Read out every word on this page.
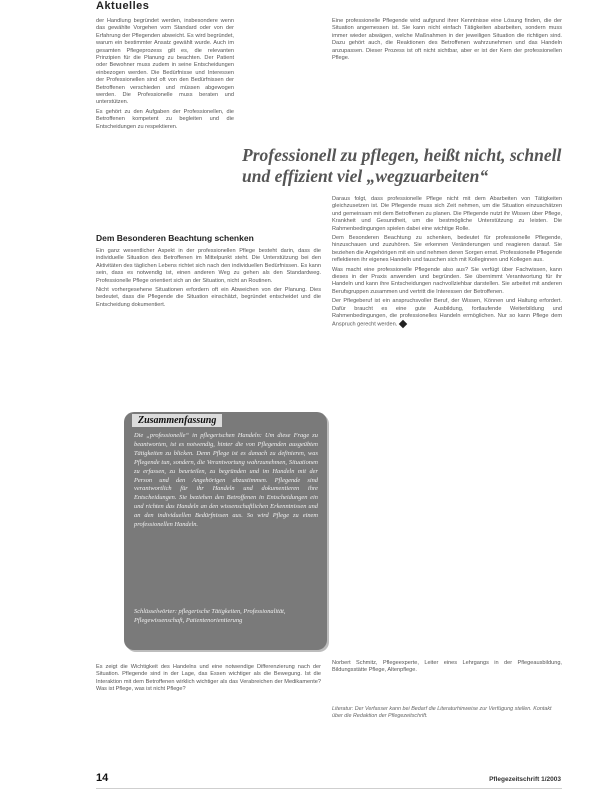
Aktuelles

der Handlung begründet werden, insbesondere wenn das gewählte Vorgehen vom Standard oder von der Erfahrung der Pflegenden abweicht. Es wird begründet, warum ein bestimmter Ansatz gewählt wurde. Auch im gesamten Pflegeprozess gilt es, die relevanten Prinzipien für die Planung zu beachten. Der Patient oder Bewohner muss zudem in seine Entscheidungen einbezogen werden. Die Bedürfnisse und Interessen der Professionellen sind oft von den Bedürfnissen der Betroffenen verschieden und müssen abgewogen werden. Die Professionelle muss beraten und unterstützen.

Es gehört zu den Aufgaben der Professionellen, die Betroffenen kompetent zu begleiten und die Entscheidungen zu respektieren.

Eine professionelle Pflegende wird aufgrund ihrer Kenntnisse eine Lösung finden, die der Situation angemessen ist. Sie kann nicht einfach Tätigkeiten abarbeiten, sondern muss immer wieder abwägen, welche Maßnahmen in der jeweiligen Situation die richtigen sind. Dazu gehört auch, die Reaktionen des Betroffenen wahrzunehmen und das Handeln anzupassen. Dieser Prozess ist oft nicht sichtbar, aber er ist der Kern der professionellen Pflege.

Professionell zu pflegen, heißt nicht, schnell und effizient viel „wegzuarbeiten“
Dem Besonderen Beachtung schenken

Ein ganz wesentlicher Aspekt in der professionellen Pflege besteht darin, dass die individuelle Situation des Betroffenen im Mittelpunkt steht. Die Unterstützung bei den Aktivitäten des täglichen Lebens richtet sich nach den individuellen Bedürfnissen. Es kann sein, dass es notwendig ist, einen anderen Weg zu gehen als den Standardweg. Professionelle Pflege orientiert sich an der Situation, nicht an Routinen.

Nicht vorhergesehene Situationen erfordern oft ein Abweichen von der Planung. Dies bedeutet, dass die Pflegende die Situation einschätzt, begründet entscheidet und die Entscheidung dokumentiert.

Daraus folgt, dass professionelle Pflege nicht mit dem Abarbeiten von Tätigkeiten gleichzusetzen ist. Die Pflegende muss sich Zeit nehmen, um die Situation einzuschätzen und gemeinsam mit dem Betroffenen zu planen. Die Pflegende nutzt ihr Wissen über Pflege, Krankheit und Gesundheit, um die bestmögliche Unterstützung zu leisten. Die Rahmenbedingungen spielen dabei eine wichtige Rolle.

Dem Besonderen Beachtung zu schenken, bedeutet für professionelle Pflegende, hinzuschauen und zuzuhören. Sie erkennen Veränderungen und reagieren darauf. Sie beziehen die Angehörigen mit ein und nehmen deren Sorgen ernst. Professionelle Pflegende reflektieren ihr eigenes Handeln und tauschen sich mit Kolleginnen und Kollegen aus.

Was macht eine professionelle Pflegende also aus? Sie verfügt über Fachwissen, kann dieses in der Praxis anwenden und begründen. Sie übernimmt Verantwortung für ihr Handeln und kann ihre Entscheidungen nachvollziehbar darstellen. Sie arbeitet mit anderen Berufsgruppen zusammen und vertritt die Interessen der Betroffenen.

Der Pflegeberuf ist ein anspruchsvoller Beruf, der Wissen, Können und Haltung erfordert. Dafür braucht es eine gute Ausbildung, fortlaufende Weiterbildung und Rahmenbedingungen, die professionelles Handeln ermöglichen. Nur so kann Pflege dem Anspruch gerecht werden.

Zusammenfassung
Die „professionelle“ in pflegerischen Handeln: Um diese Frage zu beantworten, ist es notwendig, hinter die von Pflegenden ausgeübten Tätigkeiten zu blicken. Denn Pflege ist es danach zu definieren, was Pflegende tun, sondern, die Verantwortung wahrzunehmen, Situationen zu erfassen, zu beurteilen, zu begründen und im Handeln mit der Person und den Angehörigen abzustimmen. Pflegende sind verantwortlich für ihr Handeln und dokumentieren ihre Entscheidungen. Sie beziehen den Betroffenen in Entscheidungen ein und richten das Handeln an den wissenschaftlichen Erkenntnissen und an den individuellen Bedürfnissen aus. So wird Pflege zu einem professionellen Handeln.
Schlüsselwörter: pflegerische Tätigkeiten, Professionalität, Pflegewissenschaft, Patientenorientierung

Es zeigt die Wichtigkeit des Handelns und eine notwendige Differenzierung nach der Situation. Pflegende sind in der Lage, das Essen wichtiger als die Bewegung. Ist die Interaktion mit dem Betroffenen wirklich wichtiger als das Verabreichen der Medikamente? Was ist Pflege, was ist nicht Pflege?

Norbert Schmitz, Pflegeexperte, Leiter eines Lehrgangs in der Pflegeausbildung, Bildungsstätte Pflege, Altenpflege.

Literatur: Der Verfasser kann bei Bedarf die Literaturhinweise zur Verfügung stellen. Kontakt über die Redaktion der Pflegezeitschrift.
14	Pflegezeitschrift 1/2003
